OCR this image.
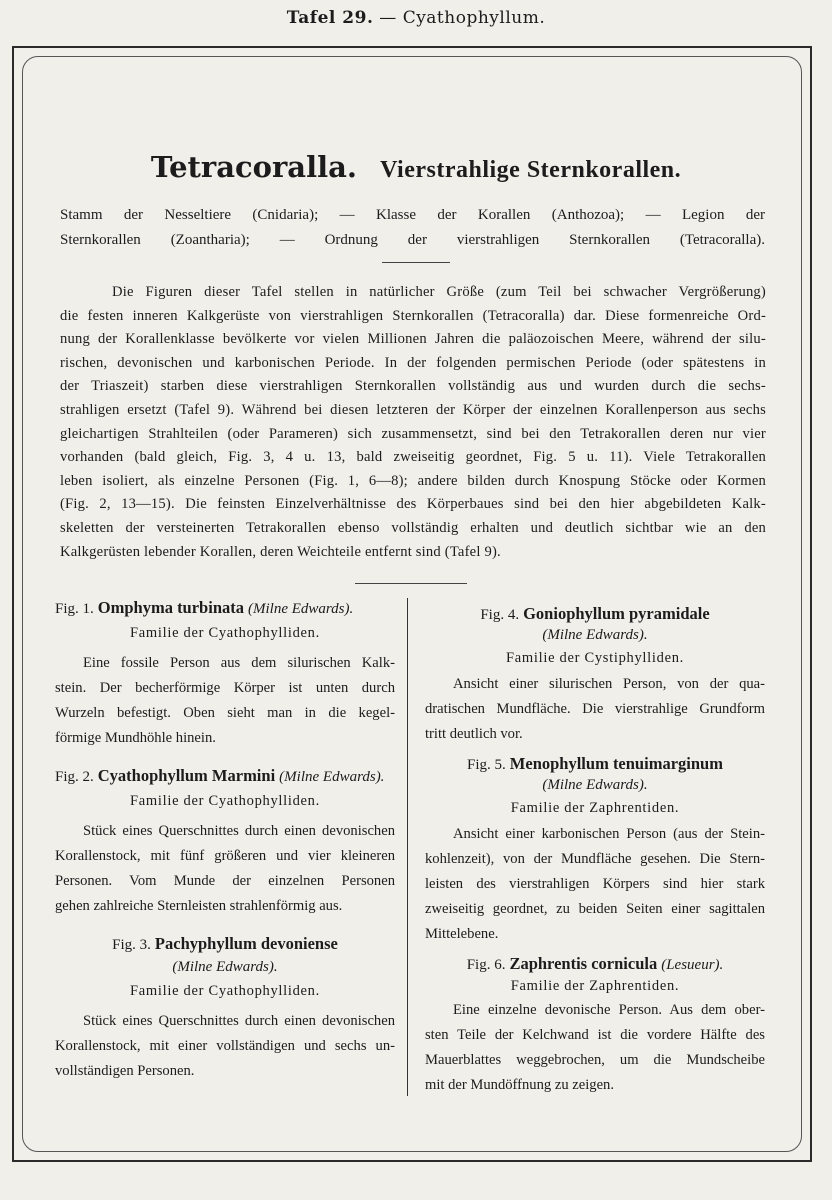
Tafel 29. — Cyathophyllum.
Tetracoralla. Vierstrahlige Sternkorallen.
Stamm der Nesseltiere (Cnidaria); — Klasse der Korallen (Anthozoa); — Legion der
Sternkorallen (Zoantharia); — Ordnung der vierstrahligen Sternkorallen (Tetracoralla).
Die Figuren dieser Tafel stellen in natürlicher Größe (zum Teil bei schwacher Vergrößerung)
die festen inneren Kalkgerüste von vierstrahligen Sternkorallen (Tetracoralla) dar. Diese formenreiche Ord-
nung der Korallenklasse bevölkerte vor vielen Millionen Jahren die paläozoischen Meere, während der silu-
rischen, devonischen und karbonischen Periode. In der folgenden permischen Periode (oder spätestens in
der Triaszeit) starben diese vierstrahligen Sternkorallen vollständig aus und wurden durch die sechs-
strahligen ersetzt (Tafel 9). Während bei diesen letzteren der Körper der einzelnen Korallenperson aus sechs
gleichartigen Strahlteilen (oder Parameren) sich zusammensetzt, sind bei den Tetrakorallen deren nur vier
vorhanden (bald gleich, Fig. 3, 4 u. 13, bald zweiseitig geordnet, Fig. 5 u. 11). Viele Tetrakorallen
leben isoliert, als einzelne Personen (Fig. 1, 6—8); andere bilden durch Knospung Stöcke oder Kormen
(Fig. 2, 13—15). Die feinsten Einzelverhältnisse des Körperbaues sind bei den hier abgebildeten Kalk-
skeletten der versteinerten Tetrakorallen ebenso vollständig erhalten und deutlich sichtbar wie an den
Kalkgerüsten lebender Korallen, deren Weichteile entfernt sind (Tafel 9).
Fig. 1. Omphyma turbinata (Milne Edwards).
Familie der Cyathophylliden.
Eine fossile Person aus dem silurischen Kalk-
stein. Der becherförmige Körper ist unten durch
Wurzeln befestigt. Oben sieht man in die kegel-
förmige Mundhöhle hinein.
Fig. 2. Cyathophyllum Marmini (Milne Edwards).
Familie der Cyathophylliden.
Stück eines Querschnittes durch einen devonischen
Korallenstock, mit fünf größeren und vier kleineren
Personen. Vom Munde der einzelnen Personen
gehen zahlreiche Sternleisten strahlenförmig aus.
Fig. 3. Pachyphyllum devoniense
(Milne Edwards).
Familie der Cyathophylliden.
Stück eines Querschnittes durch einen devonischen
Korallenstock, mit einer vollständigen und sechs un-
vollständigen Personen.
Fig. 4. Goniophyllum pyramidale
(Milne Edwards).
Familie der Cystiphylliden.
Ansicht einer silurischen Person, von der qua-
dratischen Mundfläche. Die vierstrahlige Grundform
tritt deutlich vor.
Fig. 5. Menophyllum tenuimarginum
(Milne Edwards).
Familie der Zaphrentiden.
Ansicht einer karbonischen Person (aus der Stein-
kohlenzeit), von der Mundfläche gesehen. Die Stern-
leisten des vierstrahligen Körpers sind hier stark
zweiseitig geordnet, zu beiden Seiten einer sagittalen
Mittelebene.
Fig. 6. Zaphrentis cornicula (Lesueur).
Familie der Zaphrentiden.
Eine einzelne devonische Person. Aus dem ober-
sten Teile der Kelchwand ist die vordere Hälfte des
Mauerblattes weggebrochen, um die Mundscheibe
mit der Mundöffnung zu zeigen.
